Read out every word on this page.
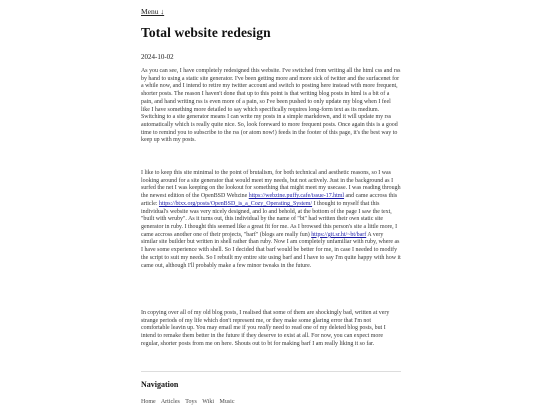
Menu ↓
Total website redesign
2024-10-02

As you can see, I have completely redesigned this website. I've switched from writing all the html css and rss by hand to using a static site generator. I've been getting more and more sick of twitter and the surfacenet for a while now, and I intend to retire my twitter account and switch to posting here instead with more frequent, shorter posts. The reason I haven't done that up to this point is that writing blog posts in html is a bit of a pain, and hand writing rss is even more of a pain, so I've been pushed to only update my blog when I feel like I have something more detailed to say which specifically requires long-form text as its medium. Switching to a site generator means I can write my posts in a simple markdown, and it will update my rss automatically which is really quite nice. So, look foreward to more frequent posts. Once again this is a good time to remind you to subscribe to the rss (or atom now!) feeds in the footer of this page, it's the best way to keep up with my posts.

I like to keep this site minimal to the point of brutalism, for both technical and aesthetic reasons, so I was looking around for a site generator that would meet my needs, but not actively. Just in the background as I surfed the net I was keeping on the lookout for something that might meet my usecase. I was reading through the newest edition of the OpenBSD Webzine https://webzine.puffy.cafe/issue-17.html and came accross this article: https://btxx.org/posts/OpenBSD_is_a_Cozy_Operating_System/ I thought to myself that this individual's website was very nicely designed, and lo and behold, at the bottom of the page I saw the text, "built with wruby". As it turns out, this individual by the name of "bt" had written their own static site generator in ruby. I thought this seemed like a great fit for me. As I browsed this person's site a little more, I came accross another one of their projects, "barf" (blogs are really fun) https://git.sr.ht/~bt/barf A very similar site builder but written in shell rather than ruby. Now I am completely unfamiliar with ruby, where as I have some experience with shell. So I decided that barf would be better for me, in case I needed to modify the script to suit my needs. So I rebuilt my entire site using barf and I have to say I'm quite happy with how it came out, although I'll probably make a few minor tweaks in the future.

In copying over all of my old blog posts, I realised that some of them are shockingly bad, written at very strange periods of my life which don't represent me, or they make some glaring error that I'm not comfortable leavin up. You may email me if you really need to read one of my deleted blog posts, but I intend to remake them better in the future if they deserve to exist at all. For now, you can expect more regular, shorter posts from me on here. Shouts out to bt for making barf I am really liking it so far.

Navigation
Home Articles Toys Wiki Music
